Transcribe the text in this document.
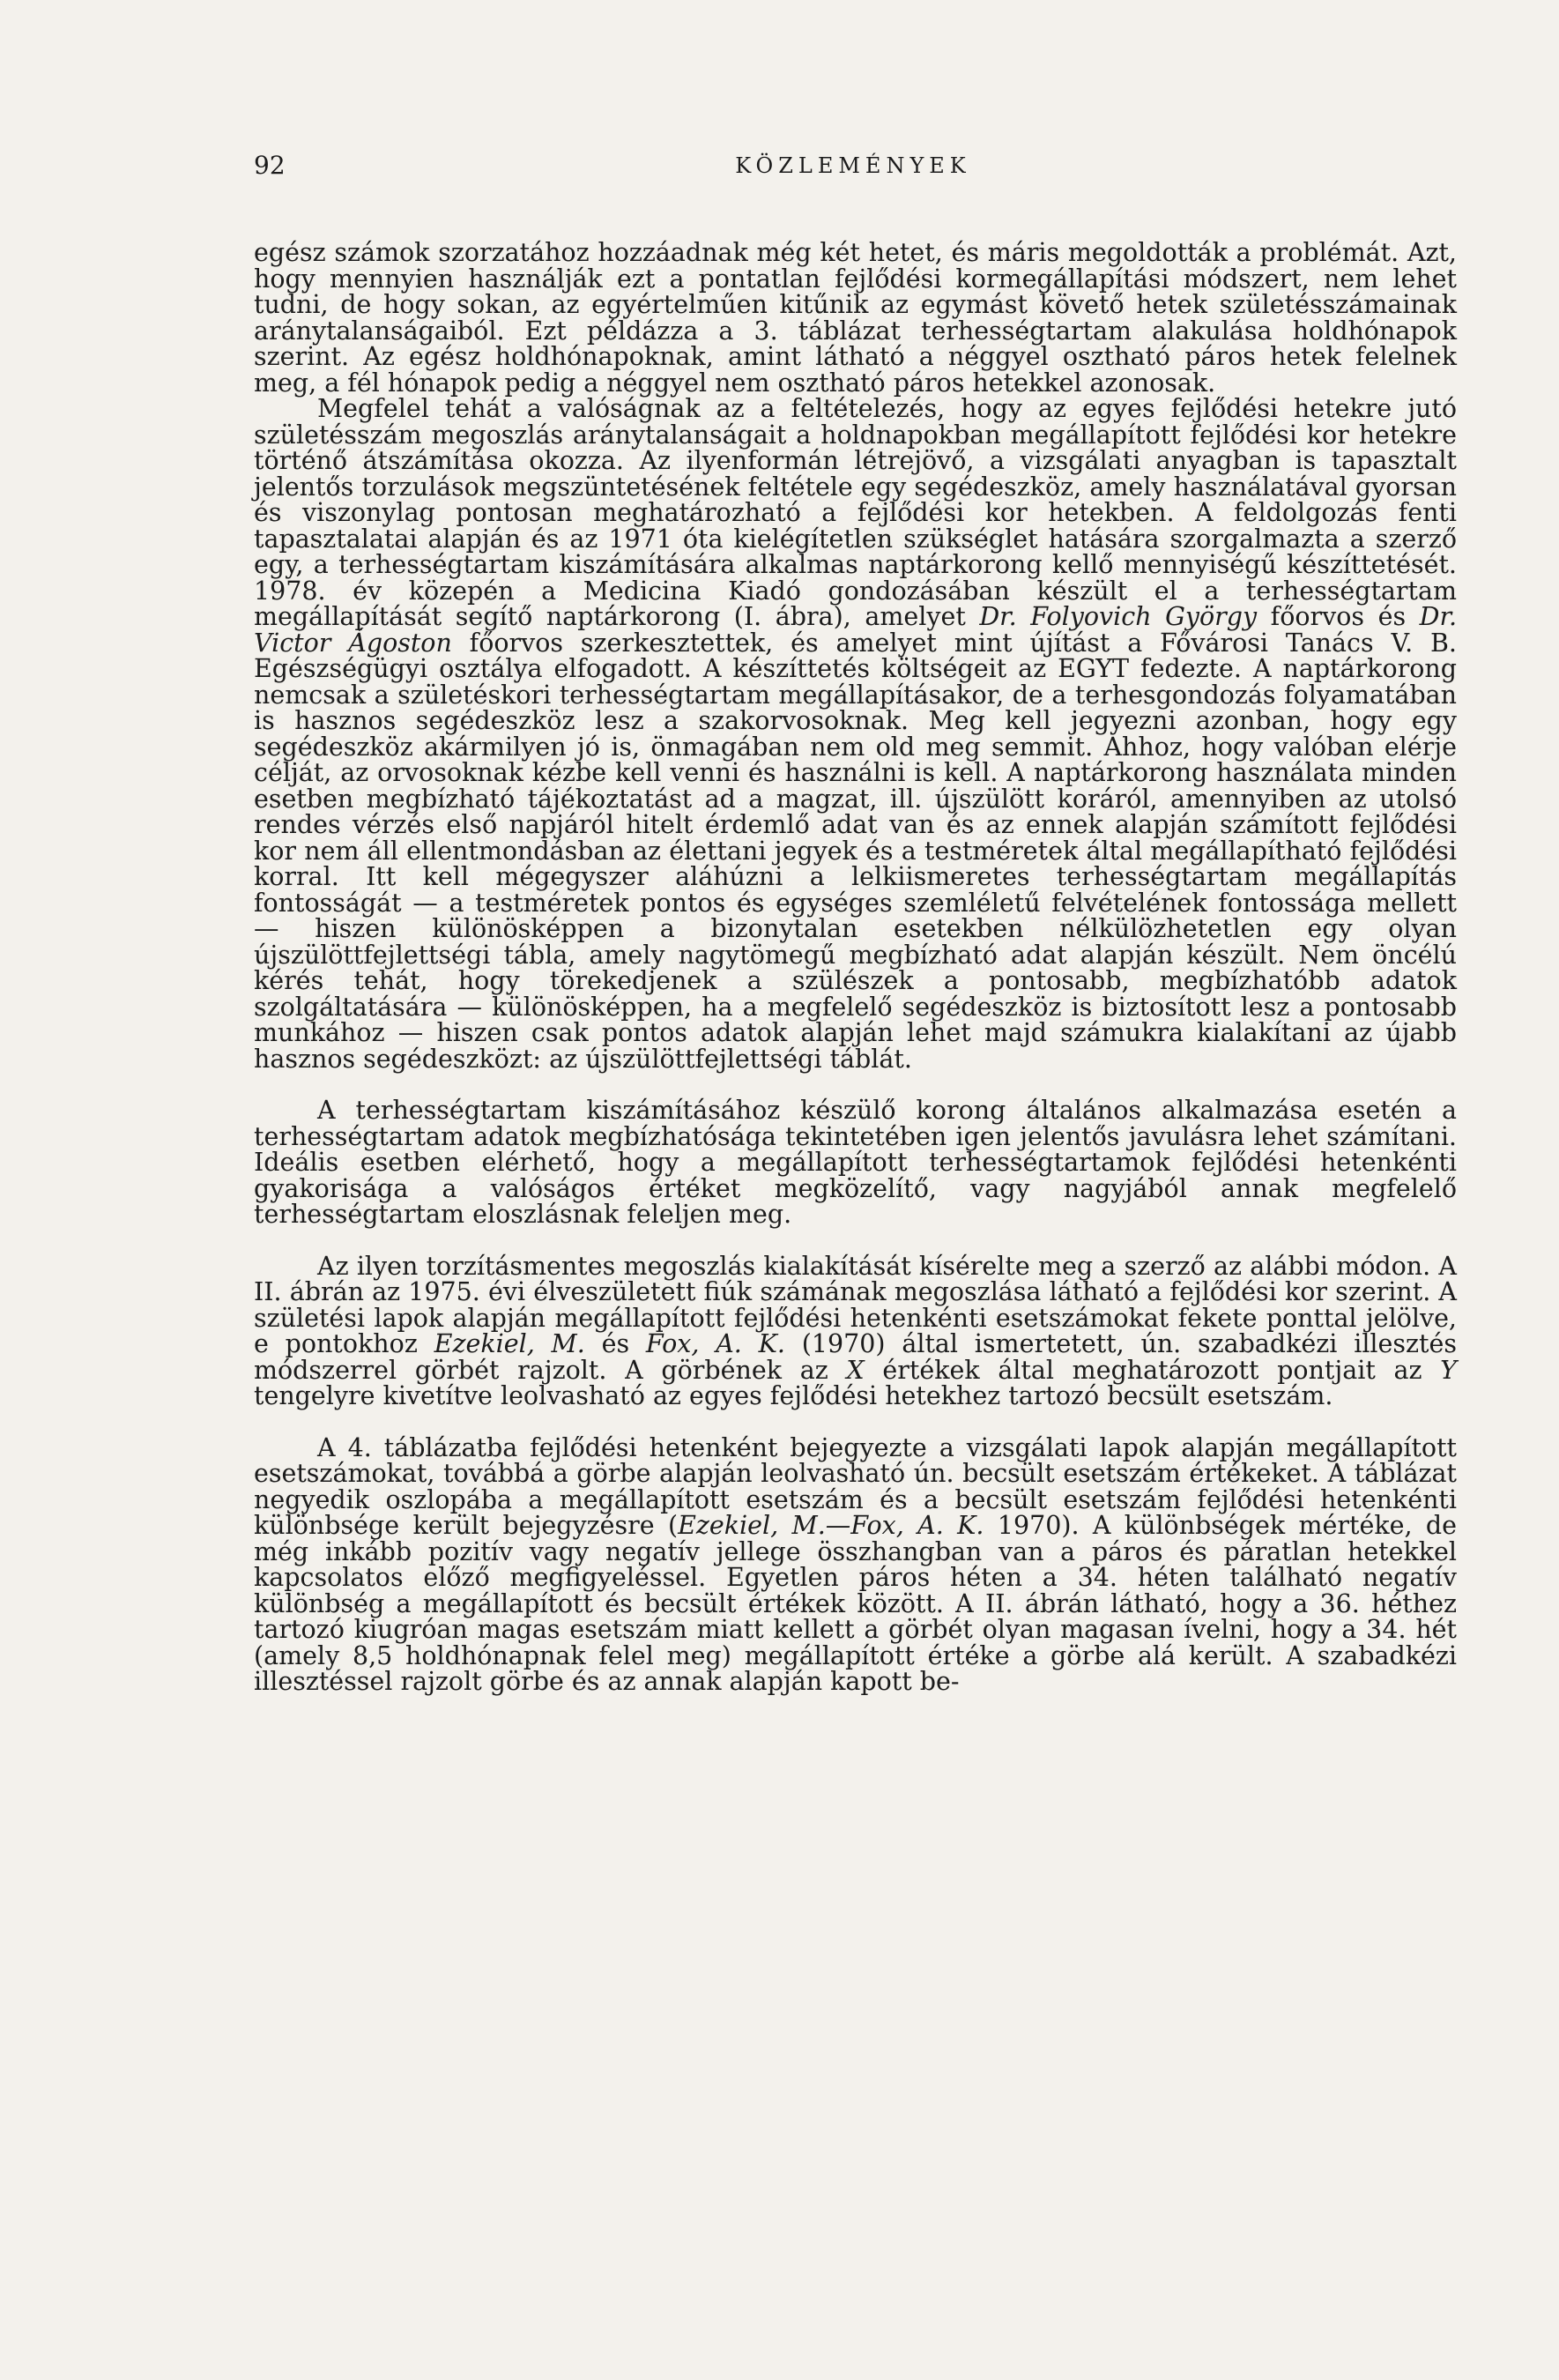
92	KÖZLEMÉNYEK

egész számok szorzatához hozzáadnak még két hetet, és máris megoldották a problémát. Azt, hogy mennyien használják ezt a pontatlan fejlődési kormegállapítási módszert, nem lehet tudni, de hogy sokan, az egyértelműen kitűnik az egymást követő hetek születésszámainak aránytalanságaiból. Ezt példázza a 3. táblázat terhességtartam alakulása holdhónapok szerint. Az egész holdhónapoknak, amint látható a néggyel osztható páros hetek felelnek meg, a fél hónapok pedig a néggyel nem osztható páros hetekkel azonosak.

Megfelel tehát a valóságnak az a feltételezés, hogy az egyes fejlődési hetekre jutó születésszám megoszlás aránytalanságait a holdnapokban megállapított fejlődési kor hetekre történő átszámítása okozza. Az ilyenformán létrejövő, a vizsgálati anyagban is tapasztalt jelentős torzulások megszüntetésének feltétele egy segédeszköz, amely használatával gyorsan és viszonylag pontosan meghatározható a fejlődési kor hetekben. A feldolgozás fenti tapasztalatai alapján és az 1971 óta kielégítetlen szükséglet hatására szorgalmazta a szerző egy, a terhességtartam kiszámítására alkalmas naptárkorong kellő mennyiségű készíttetését. 1978. év közepén a Medicina Kiadó gondozásában készült el a terhességtartam megállapítását segítő naptárkorong (I. ábra), amelyet Dr. Folyovich György főorvos és Dr. Victor Ágoston főorvos szerkesztettek, és amelyet mint újítást a Fővárosi Tanács V. B. Egészségügyi osztálya elfogadott. A készíttetés költségeit az EGYT fedezte. A naptárkorong nemcsak a születéskori terhességtartam megállapításakor, de a terhesgondozás folyamatában is hasznos segédeszköz lesz a szakorvosoknak. Meg kell jegyezni azonban, hogy egy segédeszköz akármilyen jó is, önmagában nem old meg semmit. Ahhoz, hogy valóban elérje célját, az orvosoknak kézbe kell venni és használni is kell. A naptárkorong használata minden esetben megbízható tájékoztatást ad a magzat, ill. újszülött koráról, amennyiben az utolsó rendes vérzés első napjáról hitelt érdemlő adat van és az ennek alapján számított fejlődési kor nem áll ellentmondásban az élettani jegyek és a testméretek által megállapítható fejlődési korral. Itt kell mégegyszer aláhúzni a lelkiismeretes terhességtartam megállapítás fontosságát — a testméretek pontos és egységes szemléletű felvételének fontossága mellett — hiszen különösképpen a bizonytalan esetekben nélkülözhetetlen egy olyan újszülöttfejlettségi tábla, amely nagytömegű megbízható adat alapján készült. Nem öncélú kérés tehát, hogy törekedjenek a szülészek a pontosabb, megbízhatóbb adatok szolgáltatására — különösképpen, ha a megfelelő segédeszköz is biztosított lesz a pontosabb munkához — hiszen csak pontos adatok alapján lehet majd számukra kialakítani az újabb hasznos segédeszközt: az újszülöttfejlettségi táblát.

A terhességtartam kiszámításához készülő korong általános alkalmazása esetén a terhességtartam adatok megbízhatósága tekintetében igen jelentős javulásra lehet számítani. Ideális esetben elérhető, hogy a megállapított terhességtartamok fejlődési hetenkénti gyakorisága a valóságos értéket megközelítő, vagy nagyjából annak megfelelő terhességtartam eloszlásnak feleljen meg.

Az ilyen torzításmentes megoszlás kialakítását kísérelte meg a szerző az alábbi módon. A II. ábrán az 1975. évi élveszületett fiúk számának megoszlása látható a fejlődési kor szerint. A születési lapok alapján megállapított fejlődési hetenkénti esetszámokat fekete ponttal jelölve, e pontokhoz Ezekiel, M. és Fox, A. K. (1970) által ismertetett, ún. szabadkézi illesztés módszerrel görbét rajzolt. A görbének az X értékek által meghatározott pontjait az Y tengelyre kivetítve leolvasható az egyes fejlődési hetekhez tartozó becsült esetszám.

A 4. táblázatba fejlődési hetenként bejegyezte a vizsgálati lapok alapján megállapított esetszámokat, továbbá a görbe alapján leolvasható ún. becsült esetszám értékeket. A táblázat negyedik oszlopába a megállapított esetszám és a becsült esetszám fejlődési hetenkénti különbsége került bejegyzésre (Ezekiel, M.—Fox, A. K. 1970). A különbségek mértéke, de még inkább pozitív vagy negatív jellege összhangban van a páros és páratlan hetekkel kapcsolatos előző megfigyeléssel. Egyetlen páros héten a 34. héten található negatív különbség a megállapított és becsült értékek között. A II. ábrán látható, hogy a 36. héthez tartozó kiugróan magas esetszám miatt kellett a görbét olyan magasan ívelni, hogy a 34. hét (amely 8,5 holdhónapnak felel meg) megállapított értéke a görbe alá került. A szabadkézi illesztéssel rajzolt görbe és az annak alapján kapott be-
